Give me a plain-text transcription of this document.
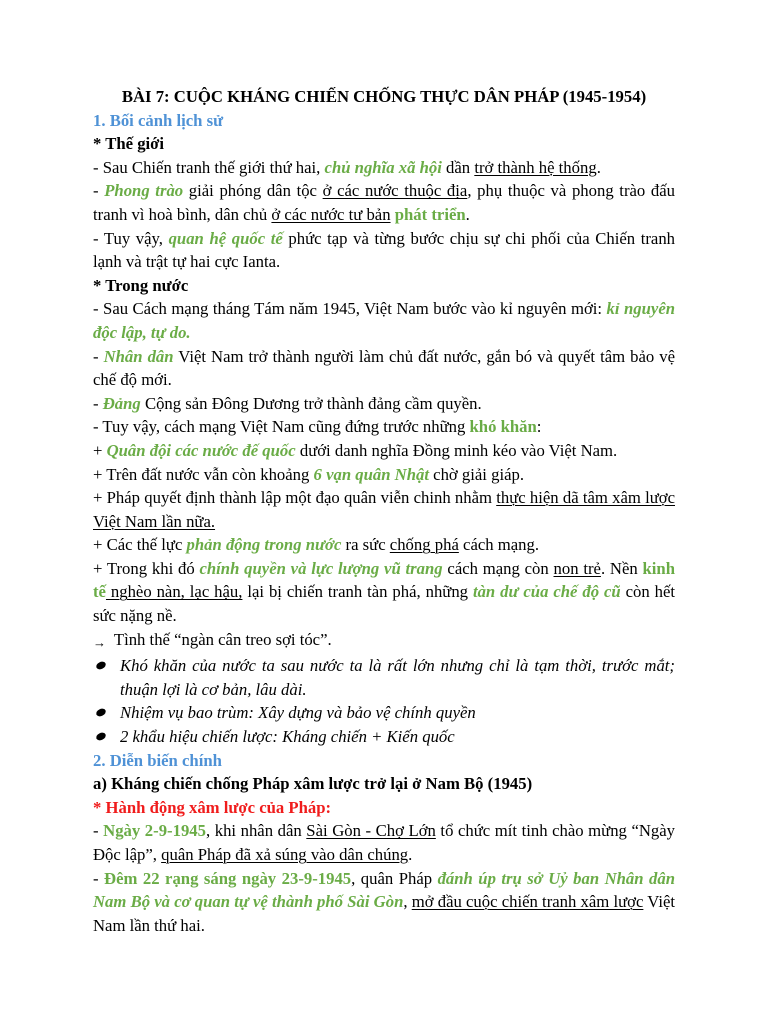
BÀI 7: CUỘC KHÁNG CHIẾN CHỐNG THỰC DÂN PHÁP (1945-1954)

1. Bối cảnh lịch sử

* Thế giới

- Sau Chiến tranh thế giới thứ hai, chủ nghĩa xã hội dần trở thành hệ thống.

- Phong trào giải phóng dân tộc ở các nước thuộc địa, phụ thuộc và phong trào đấu tranh vì hoà bình, dân chủ ở các nước tư bản phát triển.

- Tuy vậy, quan hệ quốc tế phức tạp và từng bước chịu sự chi phối của Chiến tranh lạnh và trật tự hai cực Ianta.

* Trong nước

- Sau Cách mạng tháng Tám năm 1945, Việt Nam bước vào kỉ nguyên mới: kỉ nguyên độc lập, tự do.

- Nhân dân Việt Nam trở thành người làm chủ đất nước, gắn bó và quyết tâm bảo vệ chế độ mới.

- Đảng Cộng sản Đông Dương trở thành đảng cầm quyền.

- Tuy vậy, cách mạng Việt Nam cũng đứng trước những khó khăn:

+ Quân đội các nước đế quốc dưới danh nghĩa Đồng minh kéo vào Việt Nam.

+ Trên đất nước vẫn còn khoảng 6 vạn quân Nhật chờ giải giáp.

+ Pháp quyết định thành lập một đạo quân viễn chinh nhằm thực hiện dã tâm xâm lược Việt Nam lần nữa.

+ Các thế lực phản động trong nước ra sức chống phá cách mạng.

+ Trong khi đó chính quyền và lực lượng vũ trang cách mạng còn non trẻ. Nền kinh tế nghèo nàn, lạc hậu, lại bị chiến tranh tàn phá, những tàn dư của chế độ cũ còn hết sức nặng nề.

→ Tình thế “ngàn cân treo sợi tóc”.

Khó khăn của nước ta sau nước ta là rất lớn nhưng chỉ là tạm thời, trước mắt; thuận lợi là cơ bản, lâu dài.

Nhiệm vụ bao trùm: Xây dựng và bảo vệ chính quyền

2 khẩu hiệu chiến lược: Kháng chiến + Kiến quốc

2. Diễn biến chính

a) Kháng chiến chống Pháp xâm lược trở lại ở Nam Bộ (1945)

* Hành động xâm lược của Pháp:

- Ngày 2-9-1945, khi nhân dân Sài Gòn - Chợ Lớn tổ chức mít tinh chào mừng “Ngày Độc lập”, quân Pháp đã xả súng vào dân chúng.

- Đêm 22 rạng sáng ngày 23-9-1945, quân Pháp đánh úp trụ sở Uỷ ban Nhân dân Nam Bộ và cơ quan tự vệ thành phố Sài Gòn, mở đầu cuộc chiến tranh xâm lược Việt Nam lần thứ hai.
